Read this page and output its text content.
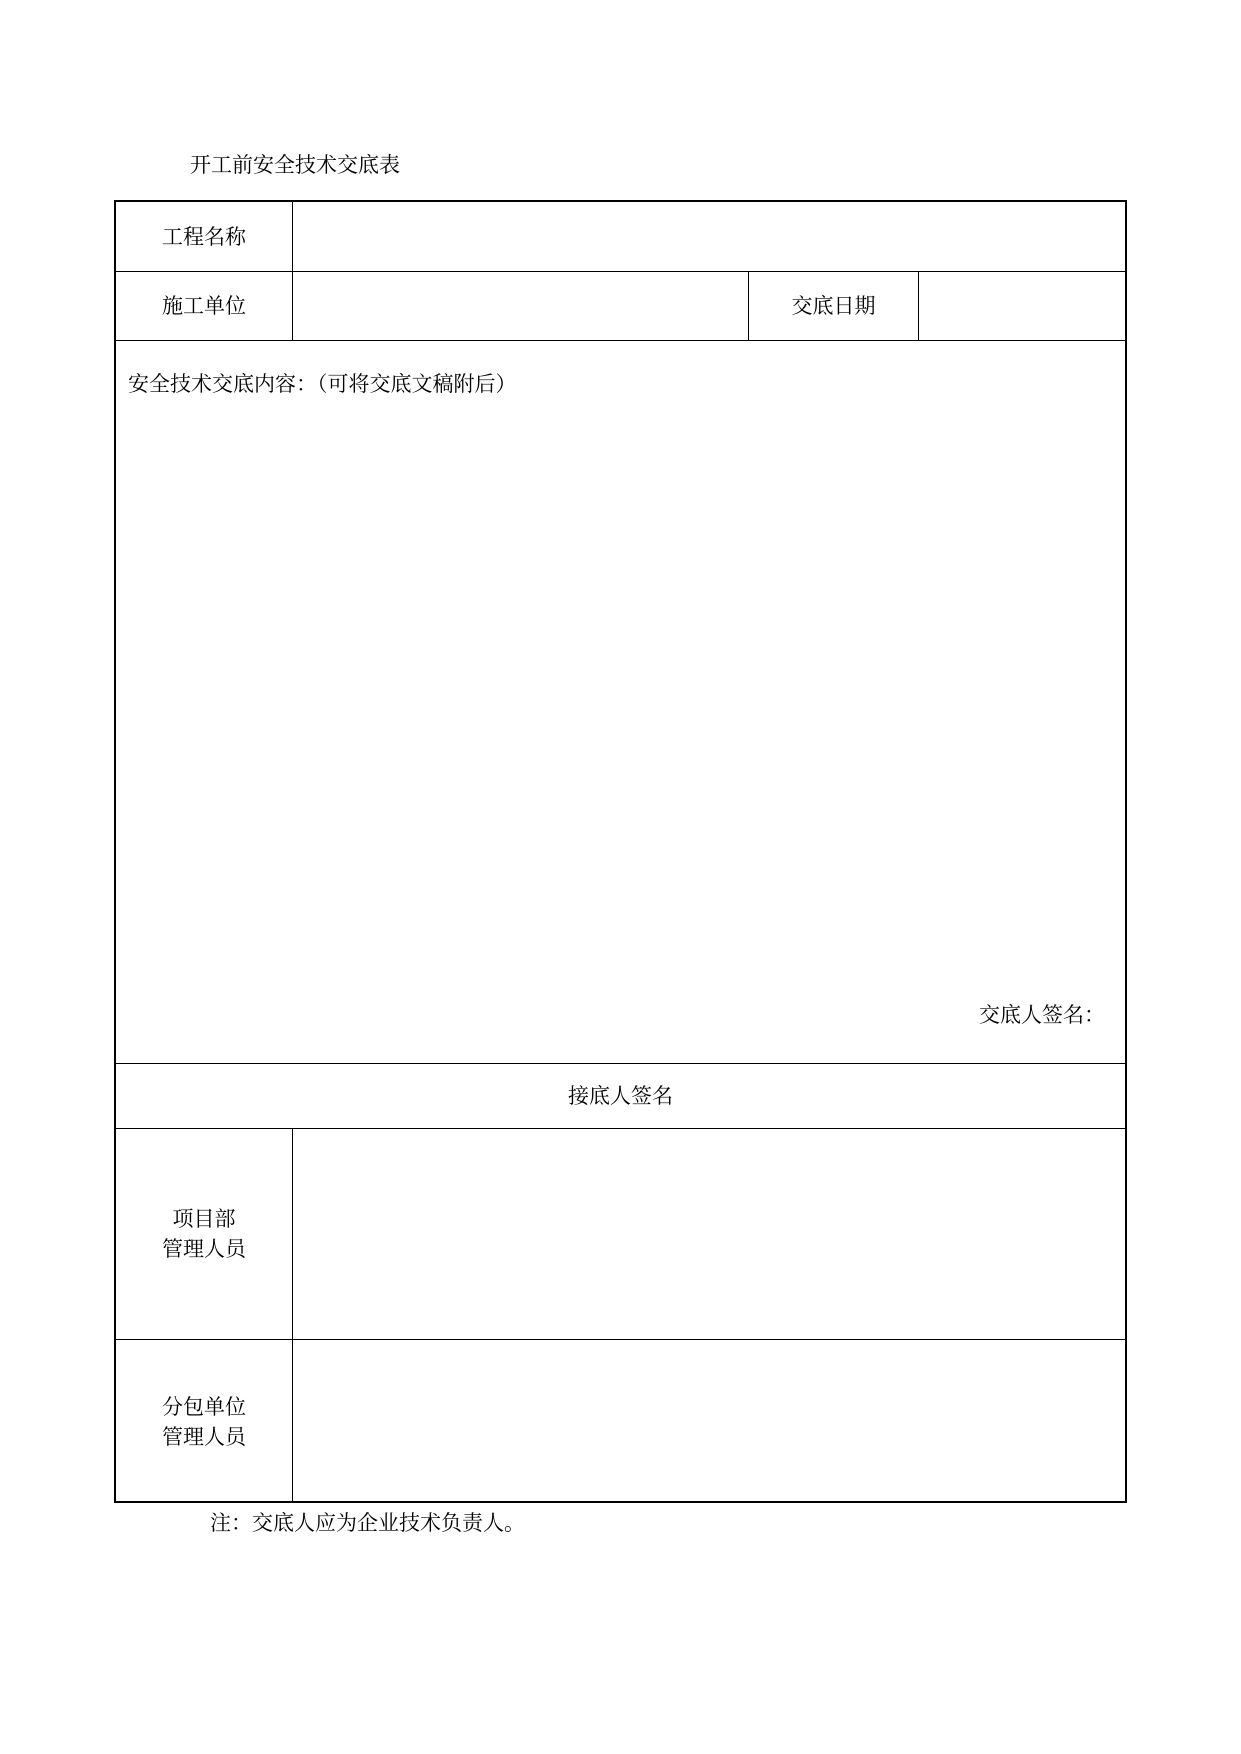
开工前安全技术交底表
工程名称
施工单位	交底日期
安全技术交底内容：（可将交底文稿附后）
交底人签名：
接底人签名
项目部
管理人员
分包单位
管理人员
注：交底人应为企业技术负责人。
